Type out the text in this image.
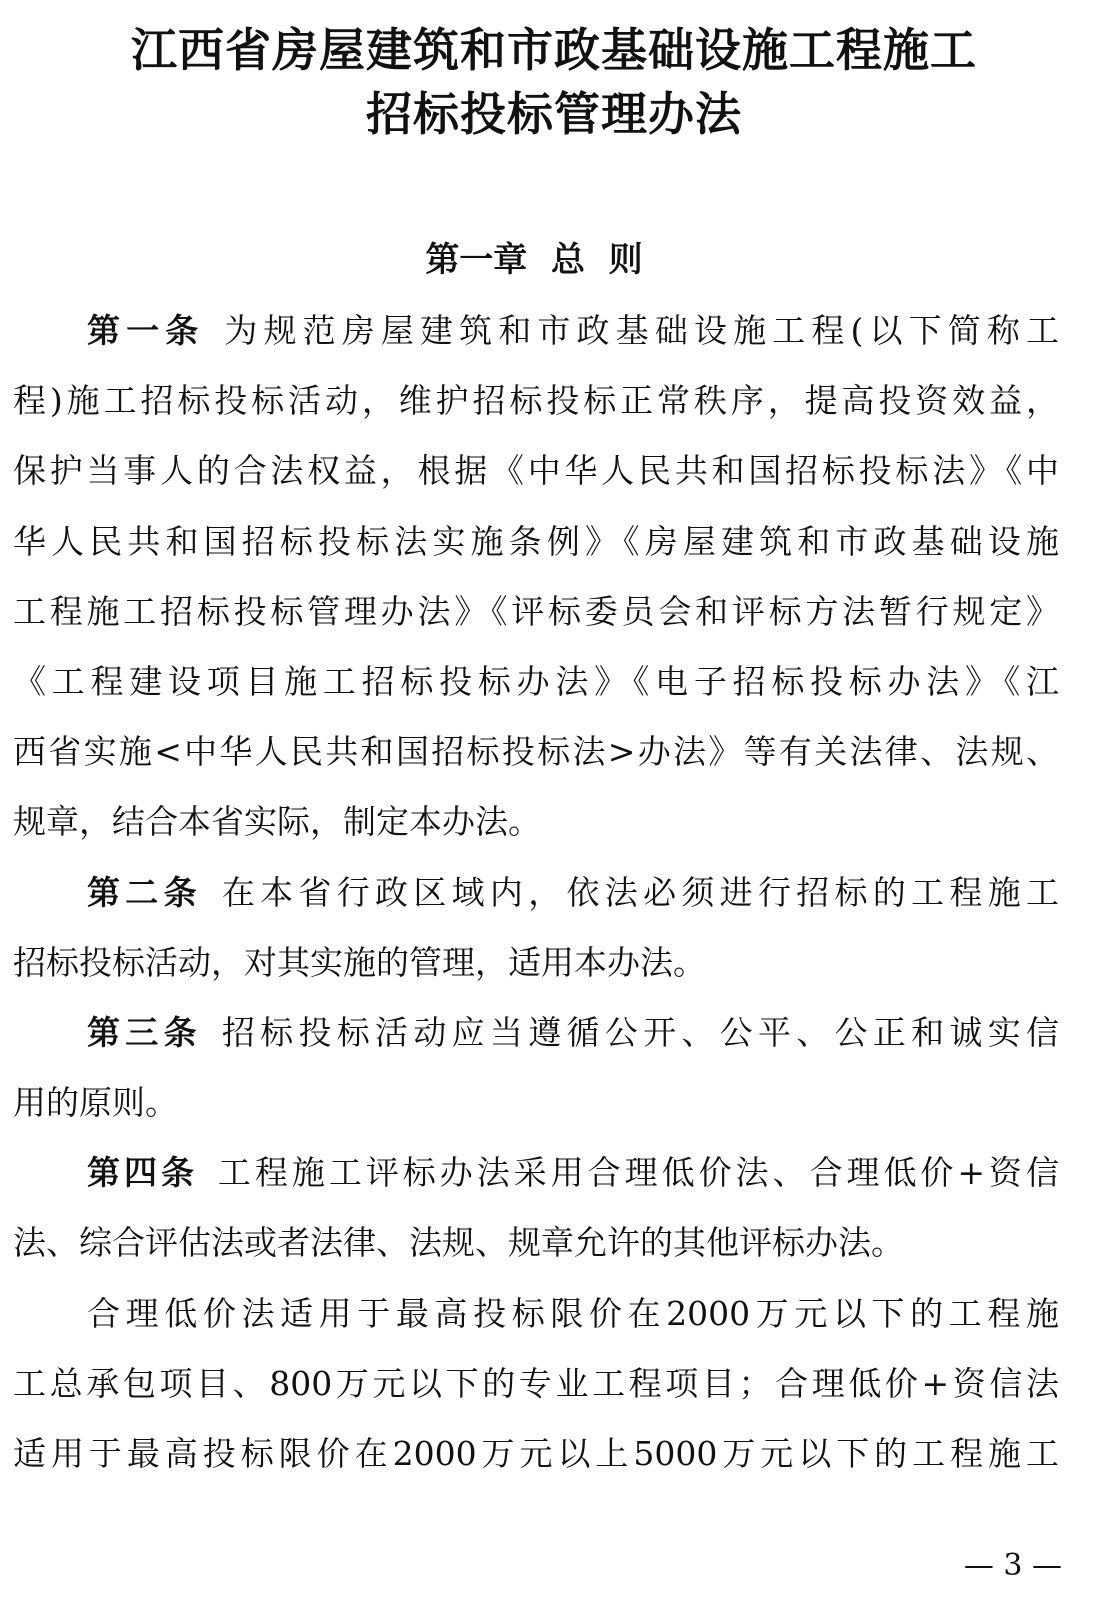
江西省房屋建筑和市政基础设施工程施工
招标投标管理办法
第一章  总  则
第一条 为规范房屋建筑和市政基础设施工程(以下简称工
程)施工招标投标活动，维护招标投标正常秩序，提高投资效益，
保护当事人的合法权益，根据《中华人民共和国招标投标法》《中
华人民共和国招标投标法实施条例》《房屋建筑和市政基础设施
工程施工招标投标管理办法》《评标委员会和评标方法暂行规定》
《工程建设项目施工招标投标办法》《电子招标投标办法》《江
西省实施<中华人民共和国招标投标法>办法》等有关法律、法规、
规章，结合本省实际，制定本办法。
第二条 在本省行政区域内，依法必须进行招标的工程施工
招标投标活动，对其实施的管理，适用本办法。
第三条 招标投标活动应当遵循公开、公平、公正和诚实信
用的原则。
第四条 工程施工评标办法采用合理低价法、合理低价+资信
法、综合评估法或者法律、法规、规章允许的其他评标办法。
合理低价法适用于最高投标限价在2000万元以下的工程施
工总承包项目、800万元以下的专业工程项目；合理低价+资信法
适用于最高投标限价在2000万元以上5000万元以下的工程施工
— 3 —
